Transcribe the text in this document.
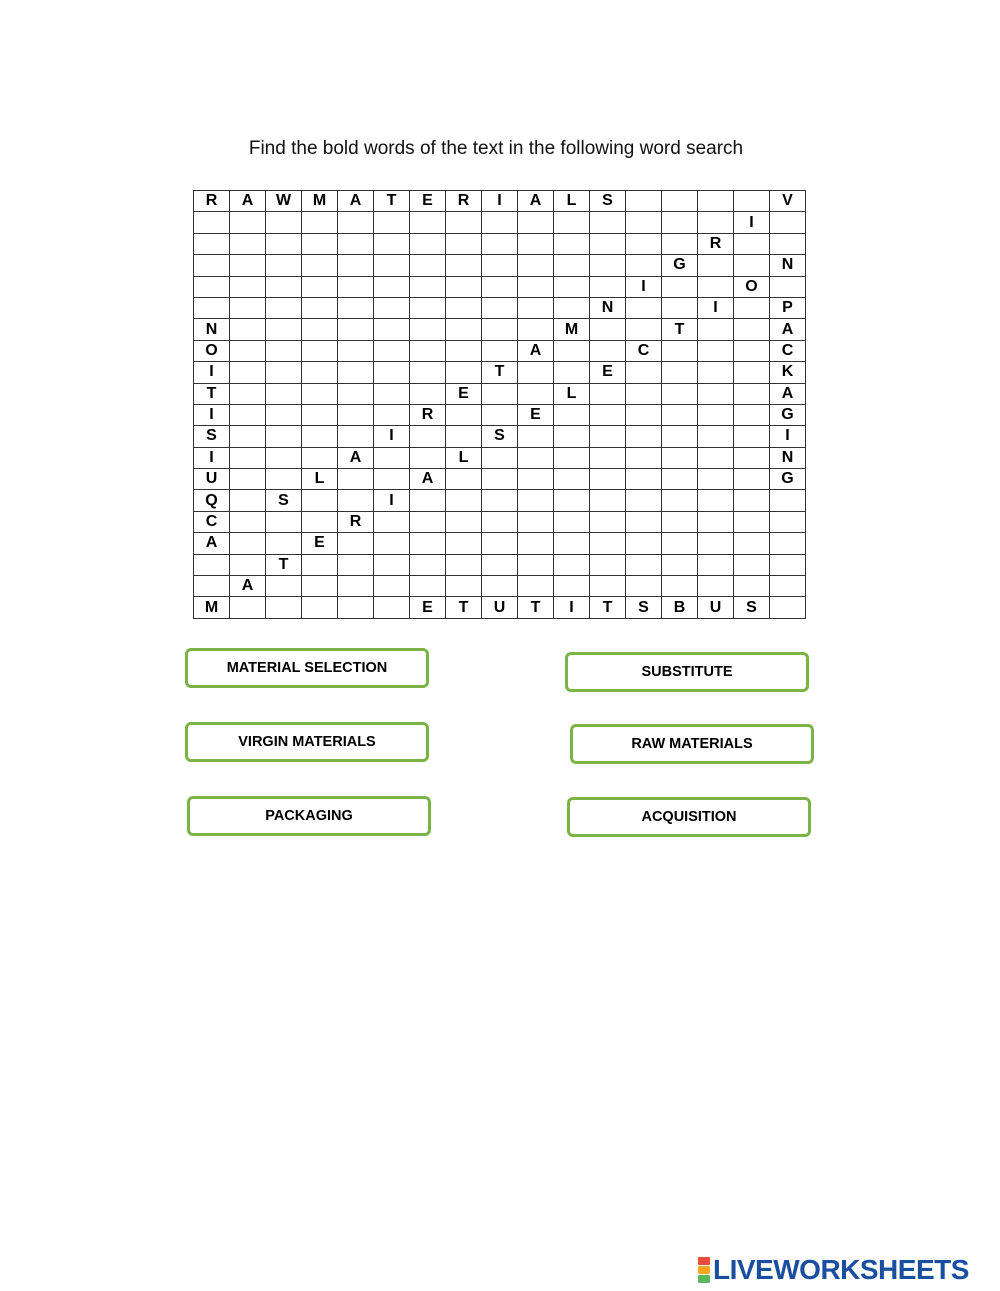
Find the bold words of the text in the following word search
R	A	W	M	A	T	E	R	I	A	L	S					V
															I	
														R		
													G			N
												I			O	
											N			I		P
N										M			T			A
O									A			C				C
I								T			E					K
T							E			L						A
I						R			E							G
S					I			S								I
I				A			L									N
U			L			A										G
Q		S			I											
C				R												
A			E													
		T														
	A															
M						E	T	U	T	I	T	S	B	U	S	
MATERIAL SELECTION	SUBSTITUTE
VIRGIN MATERIALS	RAW MATERIALS
PACKAGING	ACQUISITION
LIVEWORKSHEETS
